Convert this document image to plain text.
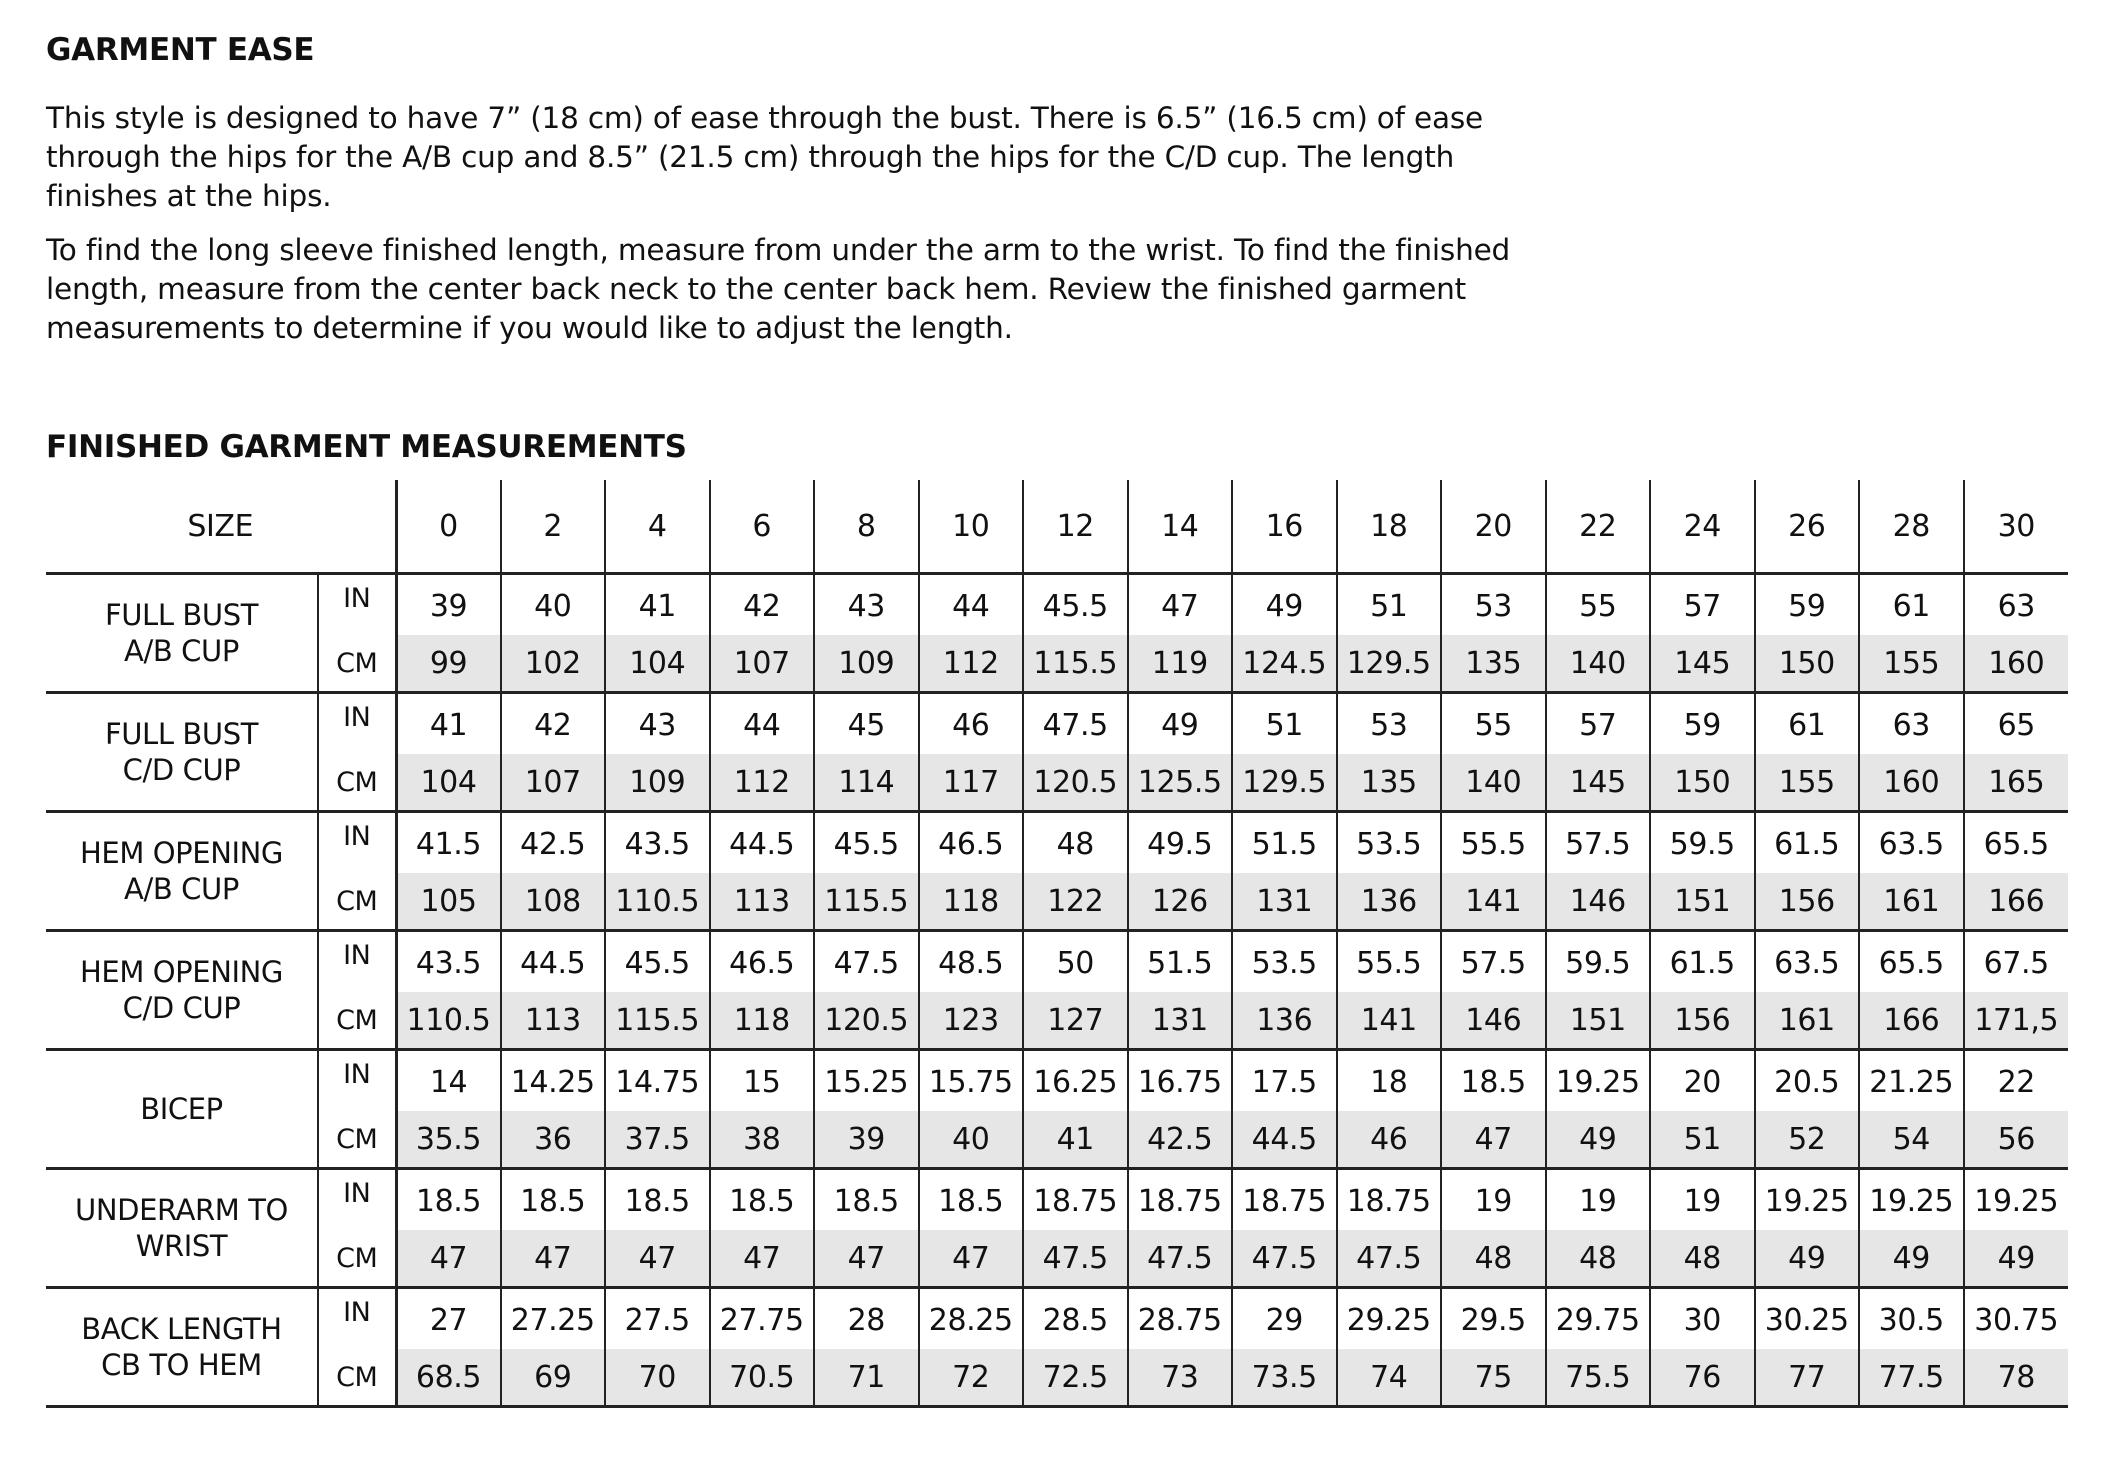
GARMENT EASE

This style is designed to have 7” (18 cm) of ease through the bust. There is 6.5” (16.5 cm) of ease through the hips for the A/B cup and 8.5” (21.5 cm) through the hips for the C/D cup. The length finishes at the hips.

To find the long sleeve finished length, measure from under the arm to the wrist. To find the finished length, measure from the center back neck to the center back hem. Review the finished garment measurements to determine if you would like to adjust the length.

FINISHED GARMENT MEASUREMENTS
SIZE		0	2	4	6	8	10	12	14	16	18	20	22	24	26	28	30

FULL BUST
A/B CUP	IN	39	40	41	42	43	44	45.5	47	49	51	53	55	57	59	61	63
	CM	99	102	104	107	109	112	115.5	119	124.5	129.5	135	140	145	150	155	160

FULL BUST
C/D CUP	IN	41	42	43	44	45	46	47.5	49	51	53	55	57	59	61	63	65
	CM	104	107	109	112	114	117	120.5	125.5	129.5	135	140	145	150	155	160	165

HEM OPENING
A/B CUP	IN	41.5	42.5	43.5	44.5	45.5	46.5	48	49.5	51.5	53.5	55.5	57.5	59.5	61.5	63.5	65.5
	CM	105	108	110.5	113	115.5	118	122	126	131	136	141	146	151	156	161	166

HEM OPENING
C/D CUP	IN	43.5	44.5	45.5	46.5	47.5	48.5	50	51.5	53.5	55.5	57.5	59.5	61.5	63.5	65.5	67.5
	CM	110.5	113	115.5	118	120.5	123	127	131	136	141	146	151	156	161	166	171,5

BICEP	IN	14	14.25	14.75	15	15.25	15.75	16.25	16.75	17.5	18	18.5	19.25	20	20.5	21.25	22
	CM	35.5	36	37.5	38	39	40	41	42.5	44.5	46	47	49	51	52	54	56

UNDERARM TO
WRIST	IN	18.5	18.5	18.5	18.5	18.5	18.5	18.75	18.75	18.75	18.75	19	19	19	19.25	19.25	19.25
	CM	47	47	47	47	47	47	47.5	47.5	47.5	47.5	48	48	48	49	49	49

BACK LENGTH
CB TO HEM	IN	27	27.25	27.5	27.75	28	28.25	28.5	28.75	29	29.25	29.5	29.75	30	30.25	30.5	30.75
	CM	68.5	69	70	70.5	71	72	72.5	73	73.5	74	75	75.5	76	77	77.5	78
